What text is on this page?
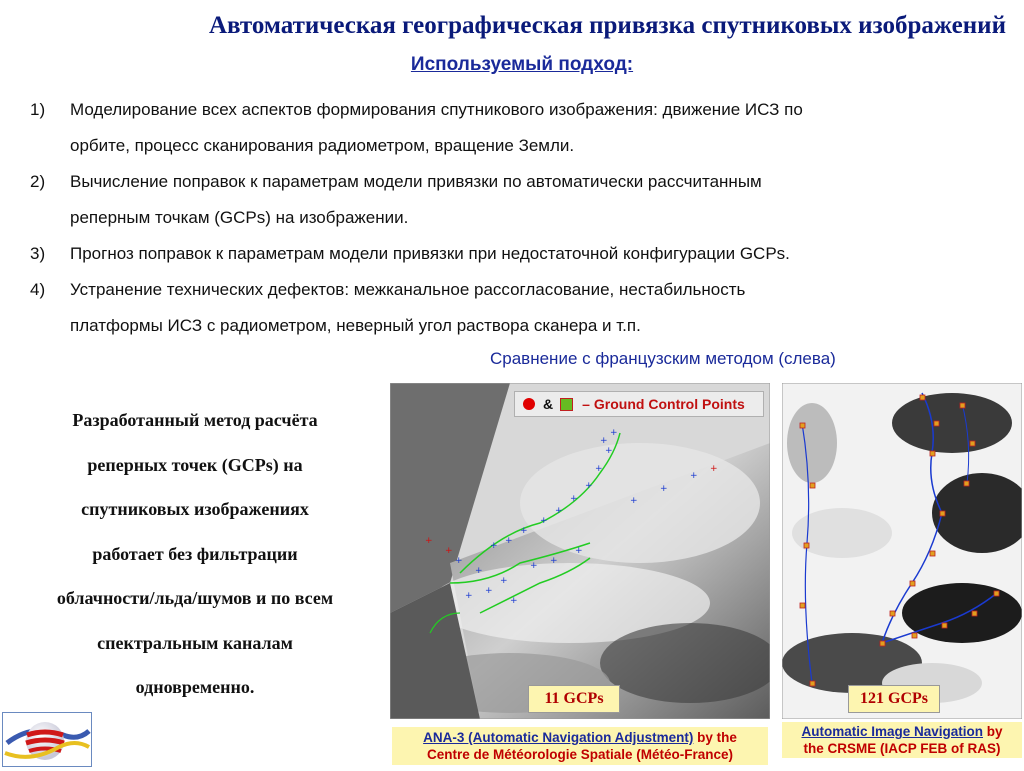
Автоматическая географическая привязка спутниковых изображений
Используемый подход:
1)	Моделирование всех аспектов формирования спутникового изображения: движение ИСЗ по
орбите, процесс сканирования радиометром, вращение Земли.
2)	Вычисление поправок к параметрам модели привязки по автоматически рассчитанным
реперным точкам (GCPs) на изображении.
3)	Прогноз поправок к параметрам модели привязки при недостаточной конфигурации GCPs.
4)	Устранение технических дефектов: межканальное рассогласование, нестабильность
платформы ИСЗ с радиометром, неверный угол раствора сканера и т.п.
Сравнение с французским методом (слева)
Разработанный метод расчёта
реперных точек (GCPs) на
спутниковых изображениях
работает без фильтрации
облачности/льда/шумов и по всем
спектральным каналам
одновременно.
+ +
+
+
+
+
+
+
+
+
+
+
+
+
+ +
+
+
+
+
+
+
+
+
+
+
& – Ground Control Points
11 GCPs	121 GCPs
ANA-3 (Automatic Navigation Adjustment) by the
Centre de Météorologie Spatiale (Météo-France)
Automatic Image Navigation by
the CRSME (IACP FEB of RAS)
